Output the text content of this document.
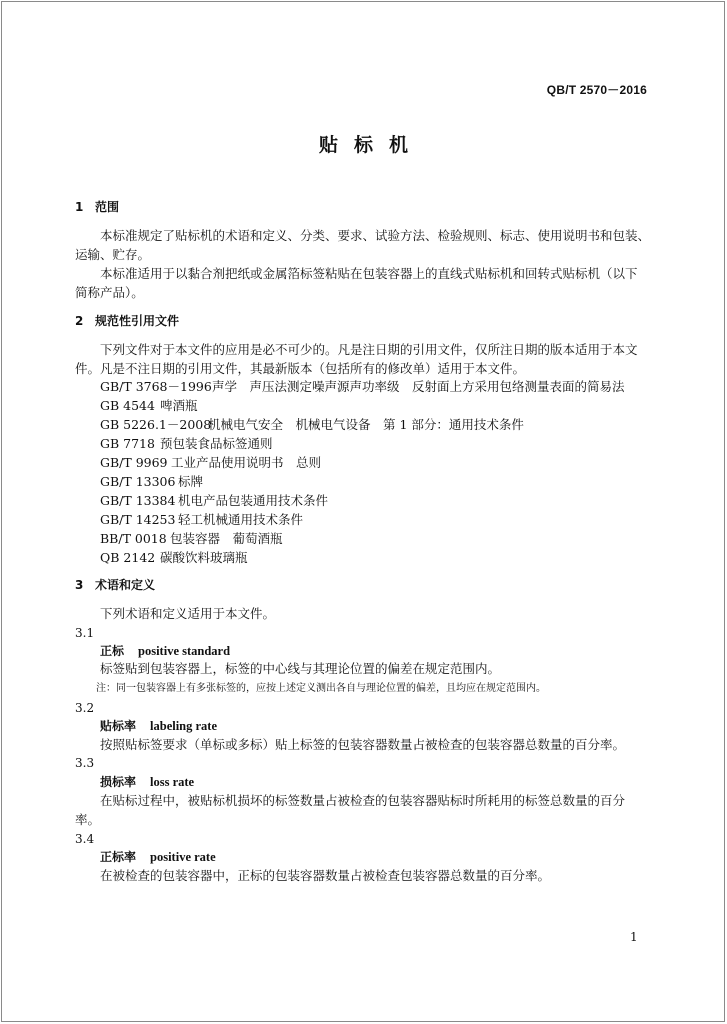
QB/T 2570－2016
贴标机
1 范围
本标准规定了贴标机的术语和定义、分类、要求、试验方法、检验规则、标志、使用说明书和包装、
运输、贮存。
本标准适用于以黏合剂把纸或金属箔标签粘贴在包装容器上的直线式贴标机和回转式贴标机（以下
简称产品）。
2 规范性引用文件
下列文件对于本文件的应用是必不可少的。凡是注日期的引用文件，仅所注日期的版本适用于本文
件。凡是不注日期的引用文件，其最新版本（包括所有的修改单）适用于本文件。
GB/T 3768－1996声学　声压法测定噪声源声功率级　反射面上方采用包络测量表面的简易法
GB 4544 啤酒瓶
GB 5226.1－2008机械电气安全　机械电气设备　第 1 部分：通用技术条件
GB 7718 预包装食品标签通则
GB/T 9969 工业产品使用说明书　总则
GB/T 13306 标牌
GB/T 13384 机电产品包装通用技术条件
GB/T 14253 轻工机械通用技术条件
BB/T 0018 包装容器　葡萄酒瓶
QB 2142 碳酸饮料玻璃瓶
3 术语和定义
下列术语和定义适用于本文件。
3.1
正标 positive standard
标签贴到包装容器上，标签的中心线与其理论位置的偏差在规定范围内。
注：同一包装容器上有多张标签的，应按上述定义测出各自与理论位置的偏差，且均应在规定范围内。
3.2
贴标率 labeling rate
按照贴标签要求（单标或多标）贴上标签的包装容器数量占被检查的包装容器总数量的百分率。
3.3
损标率 loss rate
在贴标过程中，被贴标机损坏的标签数量占被检查的包装容器贴标时所耗用的标签总数量的百分
率。
3.4
正标率 positive rate
在被检查的包装容器中，正标的包装容器数量占被检查包装容器总数量的百分率。
1
